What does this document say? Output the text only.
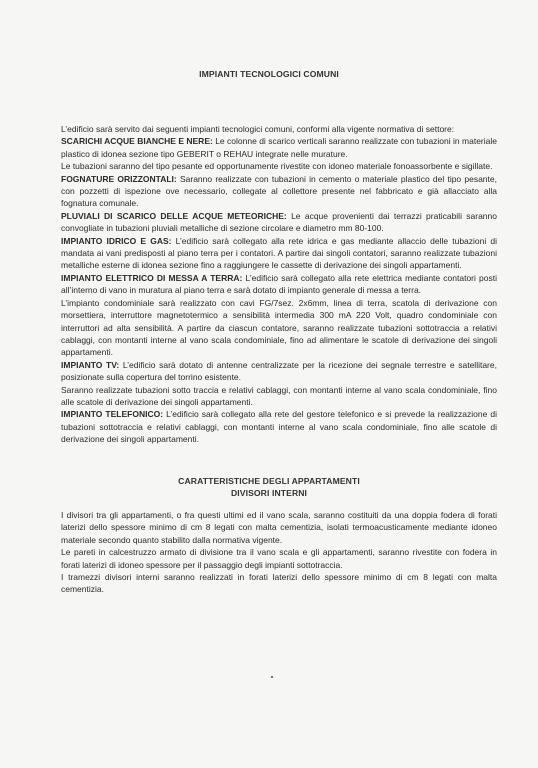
IMPIANTI TECNOLOGICI COMUNI

L’edificio sarà servito dai seguenti impianti tecnologici comuni, conformi alla vigente normativa di settore:

SCARICHI ACQUE BIANCHE E NERE: Le colonne di scarico verticali saranno realizzate con tubazioni in materiale plastico di idonea sezione tipo GEBERIT o REHAU integrate nelle murature.

Le tubazioni saranno del tipo pesante ed opportunamente rivestite con idoneo materiale fonoassorbente e sigillate.

FOGNATURE ORIZZONTALI: Saranno realizzate con tubazioni in cemento o materiale plastico del tipo pesante, con pozzetti di ispezione ove necessario, collegate al collettore presente nel fabbricato e già allacciato alla fognatura comunale.

PLUVIALI DI SCARICO DELLE ACQUE METEORICHE: Le acque provenienti dai terrazzi praticabili saranno convogliate in tubazioni pluviali metalliche di sezione circolare e diametro mm 80-100.

IMPIANTO IDRICO E GAS: L’edificio sarà collegato alla rete idrica e gas mediante allaccio delle tubazioni di mandata ai vani predisposti al piano terra per i contatori. A partire dai singoli contatori, saranno realizzate tubazioni metalliche esterne di idonea sezione fino a raggiungere le cassette di derivazione dei singoli appartamenti.

IMPIANTO ELETTRICO DI MESSA A TERRA: L’edificio sarà collegato alla rete elettrica mediante contatori posti all’interno di vano in muratura al piano terra e sarà dotato di impianto generale di messa a terra.

L’impianto condominiale sarà realizzato con cavi FG/7sez. 2x6mm, linea di terra, scatola di derivazione con morsettiera, interruttore magnetotermico a sensibilità intermedia 300 mA 220 Volt, quadro condominiale con interruttori ad alta sensibilità. A partire da ciascun contatore, saranno realizzate tubazioni sottotraccia a relativi cablaggi, con montanti interne al vano scala condominiale, fino ad alimentare le scatole di derivazione dei singoli appartamenti.

IMPIANTO TV: L’edificio sarà dotato di antenne centralizzate per la ricezione dei segnale terrestre e satellitare, posizionate sulla copertura del torrino esistente.

Saranno realizzate tubazioni sotto traccia e relativi cablaggi, con montanti interne al vano scala condominiale, fino alle scatole di derivazione dei singoli appartamenti.

IMPIANTO TELEFONICO: L’edificio sarà collegato alla rete del gestore telefonico e si prevede la realizzazione di tubazioni sottotraccia e relativi cablaggi, con montanti interne al vano scala condominiale, fino alle scatole di derivazione dei singoli appartamenti.

CARATTERISTICHE DEGLI APPARTAMENTI
DIVISORI INTERNI

I divisori tra gli appartamenti, o fra questi ultimi ed il vano scala, saranno costituiti da una doppia fodera di forati laterizi dello spessore minimo di cm 8 legati con malta cementizia, isolati termoacusticamente mediante idoneo materiale secondo quanto stabilito dalla normativa vigente.

Le pareti in calcestruzzo armato di divisione tra il vano scala e gli appartamenti, saranno rivestite con fodera in forati laterizi di idoneo spessore per il passaggio degli impianti sottotraccia.

I tramezzi divisori interni saranno realizzati in forati laterizi dello spessore minimo di cm 8 legati con malta cementizia.
